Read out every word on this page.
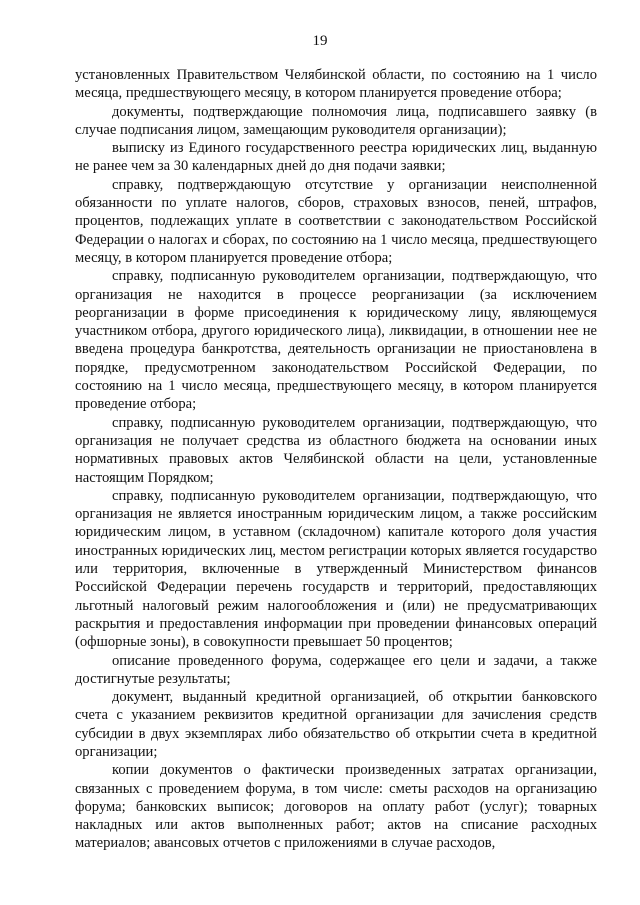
19

установленных Правительством Челябинской области, по состоянию на 1 число месяца, предшествующего месяцу, в котором планируется проведение отбора;

документы, подтверждающие полномочия лица, подписавшего заявку (в случае подписания лицом, замещающим руководителя организации);

выписку из Единого государственного реестра юридических лиц, выданную не ранее чем за 30 календарных дней до дня подачи заявки;

справку, подтверждающую отсутствие у организации неисполненной обязанности по уплате налогов, сборов, страховых взносов, пеней, штрафов, процентов, подлежащих уплате в соответствии с законодательством Российской Федерации о налогах и сборах, по состоянию на 1 число месяца, предшествующего месяцу, в котором планируется проведение отбора;

справку, подписанную руководителем организации, подтверждающую, что организация не находится в процессе реорганизации (за исключением реорганизации в форме присоединения к юридическому лицу, являющемуся участником отбора, другого юридического лица), ликвидации, в отношении нее не введена процедура банкротства, деятельность организации не приостановлена в порядке, предусмотренном законодательством Российской Федерации, по состоянию на 1 число месяца, предшествующего месяцу, в котором планируется проведение отбора;

справку, подписанную руководителем организации, подтверждающую, что организация не получает средства из областного бюджета на основании иных нормативных правовых актов Челябинской области на цели, установленные настоящим Порядком;

справку, подписанную руководителем организации, подтверждающую, что организация не является иностранным юридическим лицом, а также российским юридическим лицом, в уставном (складочном) капитале которого доля участия иностранных юридических лиц, местом регистрации которых является государство или территория, включенные в утвержденный Министерством финансов Российской Федерации перечень государств и территорий, предоставляющих льготный налоговый режим налогообложения и (или) не предусматривающих раскрытия и предоставления информации при проведении финансовых операций (офшорные зоны), в совокупности превышает 50 процентов;

описание проведенного форума, содержащее его цели и задачи, а также достигнутые результаты;

документ, выданный кредитной организацией, об открытии банковского счета с указанием реквизитов кредитной организации для зачисления средств субсидии в двух экземплярах либо обязательство об открытии счета в кредитной организации;

копии документов о фактически произведенных затратах организации, связанных с проведением форума, в том числе: сметы расходов на организацию форума; банковских выписок; договоров на оплату работ (услуг); товарных накладных или актов выполненных работ; актов на списание расходных материалов; авансовых отчетов с приложениями в случае расходов,
